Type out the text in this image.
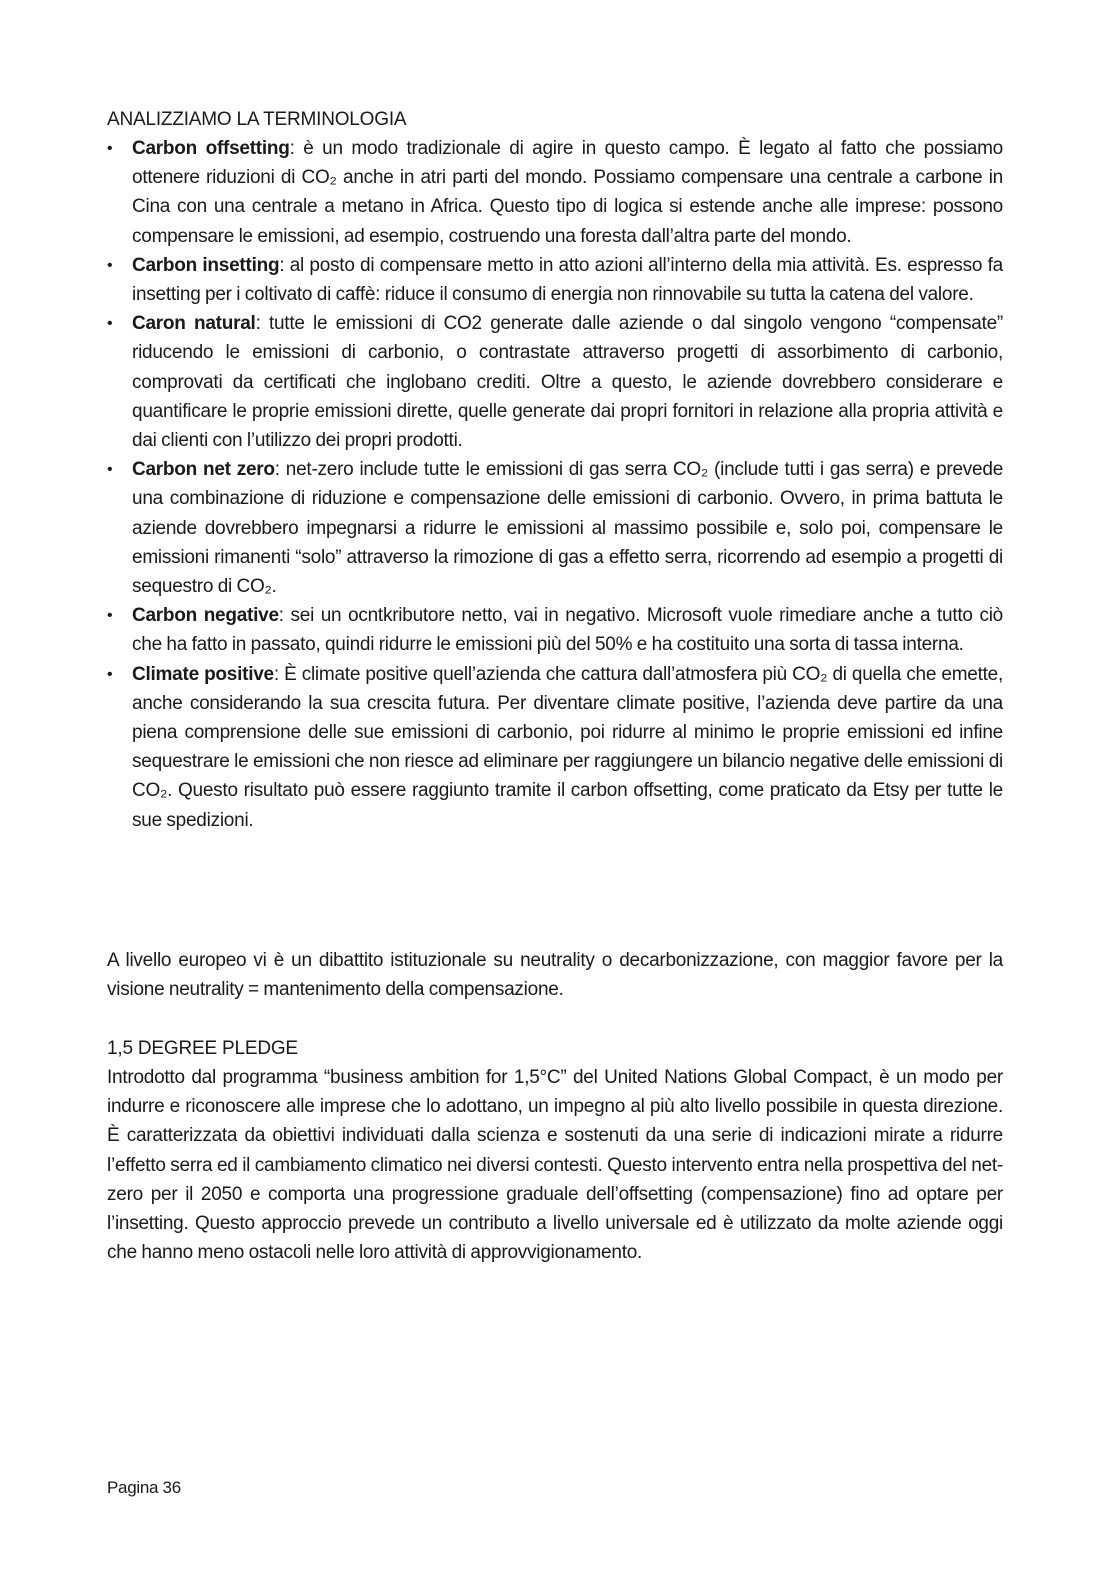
ANALIZZIAMO LA TERMINOLOGIA
• Carbon offsetting: è un modo tradizionale di agire in questo campo. È legato al fatto che possiamo ottenere riduzioni di CO₂ anche in atri parti del mondo. Possiamo compensare una centrale a carbone in Cina con una centrale a metano in Africa. Questo tipo di logica si estende anche alle imprese: possono compensare le emissioni, ad esempio, costruendo una foresta dall’altra parte del mondo.
• Carbon insetting: al posto di compensare metto in atto azioni all’interno della mia attività. Es. espresso fa insetting per i coltivato di caffè: riduce il consumo di energia non rinnovabile su tutta la catena del valore.
• Caron natural: tutte le emissioni di CO2 generate dalle aziende o dal singolo vengono “compensate” riducendo le emissioni di carbonio, o contrastate attraverso progetti di assorbimento di carbonio, comprovati da certificati che inglobano crediti. Oltre a questo, le aziende dovrebbero considerare e quantificare le proprie emissioni dirette, quelle generate dai propri fornitori in relazione alla propria attività e dai clienti con l’utilizzo dei propri prodotti.
• Carbon net zero: net-zero include tutte le emissioni di gas serra CO₂ (include tutti i gas serra) e prevede una combinazione di riduzione e compensazione delle emissioni di carbonio. Ovvero, in prima battuta le aziende dovrebbero impegnarsi a ridurre le emissioni al massimo possibile e, solo poi, compensare le emissioni rimanenti “solo” attraverso la rimozione di gas a effetto serra, ricorrendo ad esempio a progetti di sequestro di CO₂.
• Carbon negative: sei un ocntkributore netto, vai in negativo. Microsoft vuole rimediare anche a tutto ciò che ha fatto in passato, quindi ridurre le emissioni più del 50% e ha costituito una sorta di tassa interna.
• Climate positive: È climate positive quell’azienda che cattura dall’atmosfera più CO₂ di quella che emette, anche considerando la sua crescita futura. Per diventare climate positive, l’azienda deve partire da una piena comprensione delle sue emissioni di carbonio, poi ridurre al minimo le proprie emissioni ed infine sequestrare le emissioni che non riesce ad eliminare per raggiungere un bilancio negative delle emissioni di CO₂. Questo risultato può essere raggiunto tramite il carbon offsetting, come praticato da Etsy per tutte le sue spedizioni.

A livello europeo vi è un dibattito istituzionale su neutrality o decarbonizzazione, con maggior favore per la visione neutrality = mantenimento della compensazione.

1,5 DEGREE PLEDGE

Introdotto dal programma “business ambition for 1,5°C” del United Nations Global Compact, è un modo per indurre e riconoscere alle imprese che lo adottano, un impegno al più alto livello possibile in questa direzione. È caratterizzata da obiettivi individuati dalla scienza e sostenuti da una serie di indicazioni mirate a ridurre l’effetto serra ed il cambiamento climatico nei diversi contesti. Questo intervento entra nella prospettiva del net-zero per il 2050 e comporta una progressione graduale dell’offsetting (compensazione) fino ad optare per l’insetting. Questo approccio prevede un contributo a livello universale ed è utilizzato da molte aziende oggi che hanno meno ostacoli nelle loro attività di approvvigionamento.

Pagina 36
